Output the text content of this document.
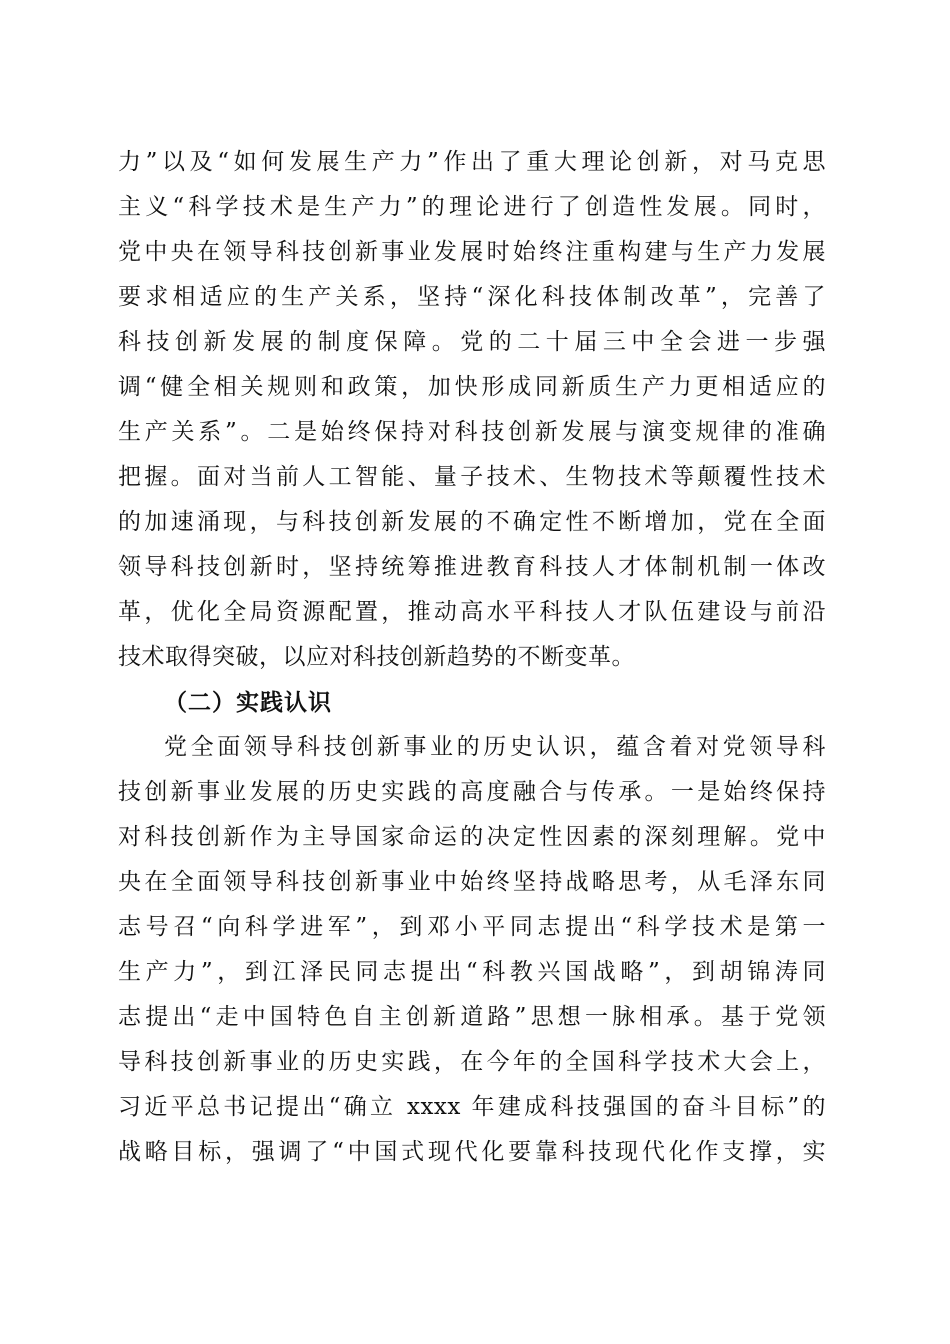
力”以及“如何发展生产力”作出了重大理论创新，对马克思
主义“科学技术是生产力”的理论进行了创造性发展。同时，
党中央在领导科技创新事业发展时始终注重构建与生产力发展
要求相适应的生产关系，坚持“深化科技体制改革”，完善了
科技创新发展的制度保障。党的二十届三中全会进一步强
调“健全相关规则和政策，加快形成同新质生产力更相适应的
生产关系”。二是始终保持对科技创新发展与演变规律的准确
把握。面对当前人工智能、量子技术、生物技术等颠覆性技术
的加速涌现，与科技创新发展的不确定性不断增加，党在全面
领导科技创新时，坚持统筹推进教育科技人才体制机制一体改
革，优化全局资源配置，推动高水平科技人才队伍建设与前沿
技术取得突破，以应对科技创新趋势的不断变革。
（二）实践认识
党全面领导科技创新事业的历史认识，蕴含着对党领导科
技创新事业发展的历史实践的高度融合与传承。一是始终保持
对科技创新作为主导国家命运的决定性因素的深刻理解。党中
央在全面领导科技创新事业中始终坚持战略思考，从毛泽东同
志号召“向科学进军”，到邓小平同志提出“科学技术是第一
生产力”，到江泽民同志提出“科教兴国战略”，到胡锦涛同
志提出“走中国特色自主创新道路”思想一脉相承。基于党领
导科技创新事业的历史实践，在今年的全国科学技术大会上，
习近平总书记提出“确立 xxxx 年建成科技强国的奋斗目标”的
战略目标，强调了“中国式现代化要靠科技现代化作支撑，实
